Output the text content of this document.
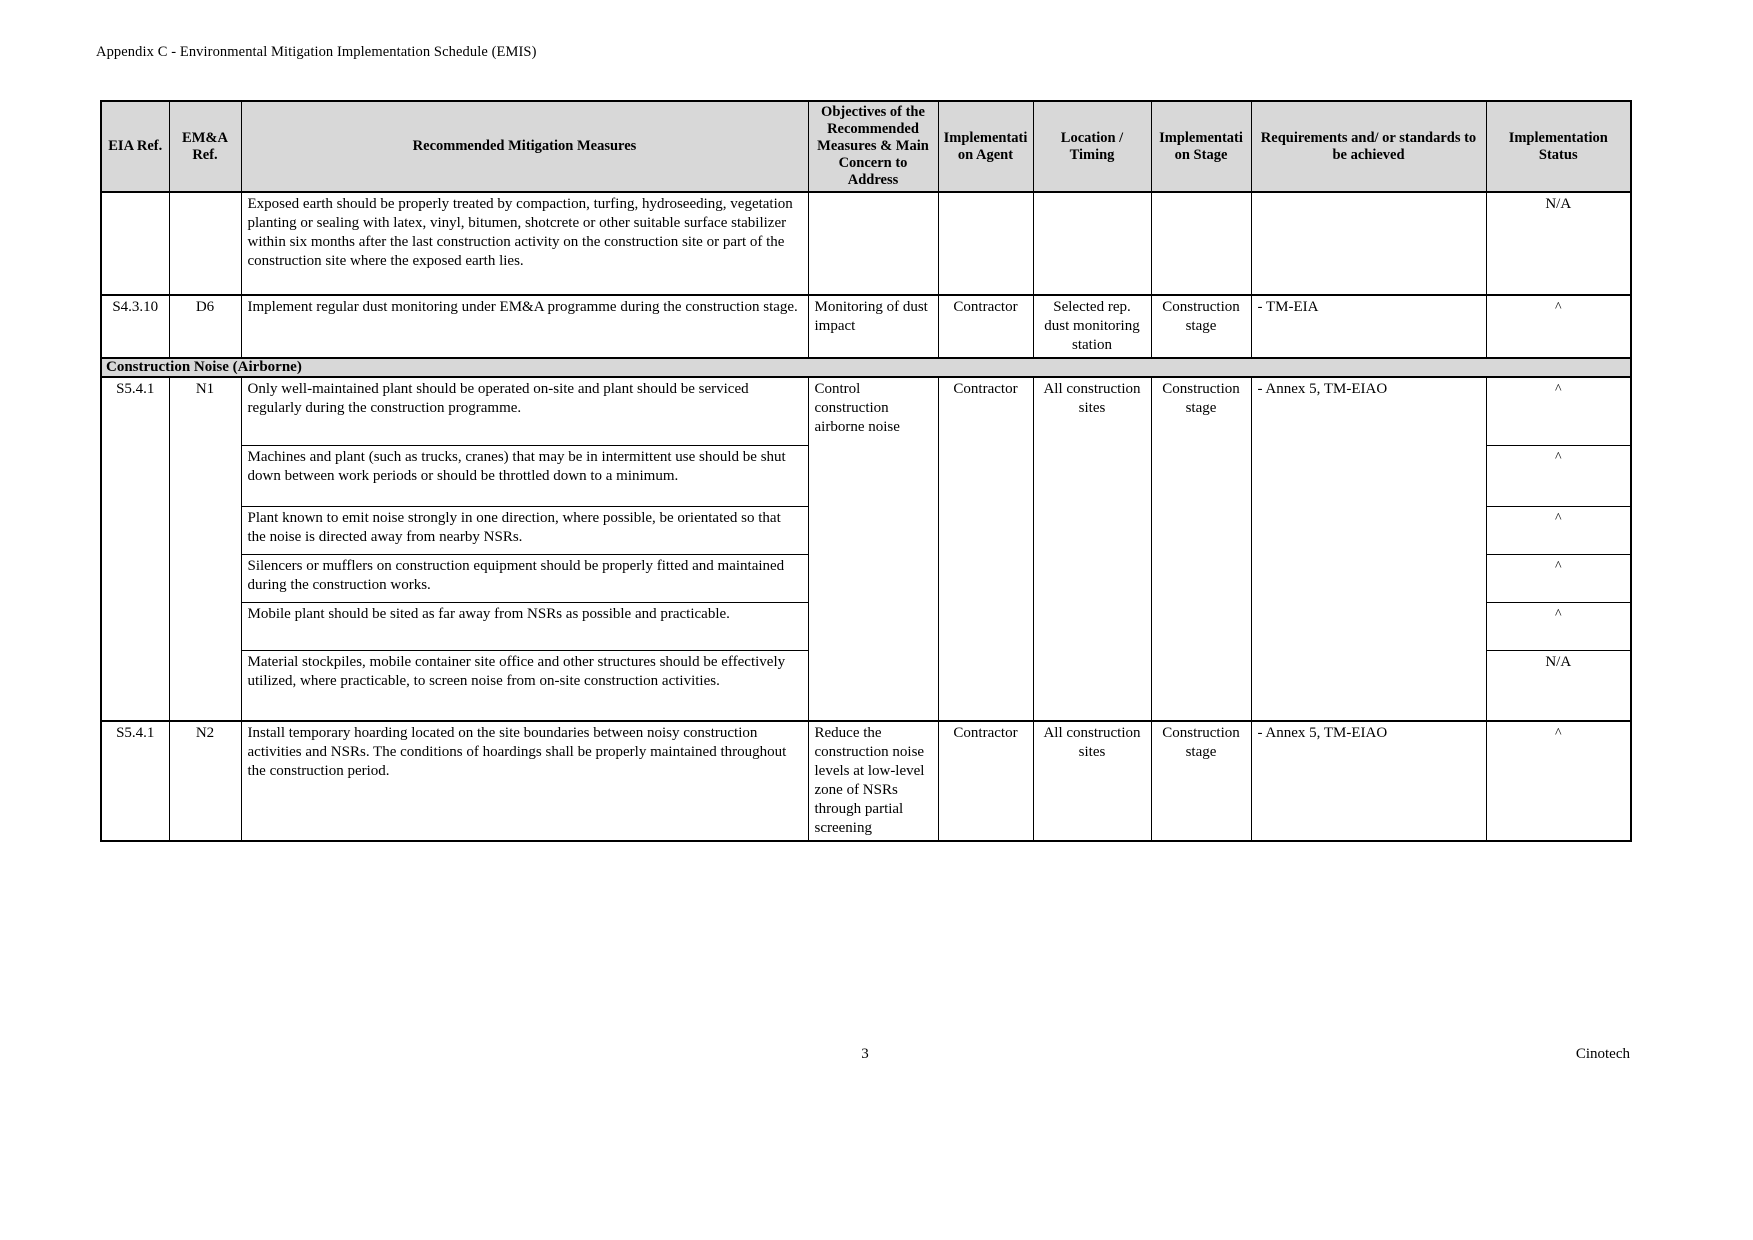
Appendix C - Environmental Mitigation Implementation Schedule (EMIS)
EIA Ref.	EM&A Ref.	Recommended Mitigation Measures	Objectives of the Recommended Measures & Main Concern to Address	Implementation Agent	Location / Timing	Implementation Stage	Requirements and/ or standards to be achieved	Implementation Status
		Exposed earth should be properly treated by compaction, turfing, hydroseeding, vegetation planting or sealing with latex, vinyl, bitumen, shotcrete or other suitable surface stabilizer within six months after the last construction activity on the construction site or part of the construction site where the exposed earth lies.						N/A
S4.3.10	D6	Implement regular dust monitoring under EM&A programme during the construction stage.	Monitoring of dust impact	Contractor	Selected rep. dust monitoring station	Construction stage	- TM-EIA	^
Construction Noise (Airborne)								
S5.4.1	N1	Only well-maintained plant should be operated on-site and plant should be serviced regularly during the construction programme.	Control construction airborne noise	Contractor	All construction sites	Construction stage	- Annex 5, TM-EIAO	^
		Machines and plant (such as trucks, cranes) that may be in intermittent use should be shut down between work periods or should be throttled down to a minimum.						^
		Plant known to emit noise strongly in one direction, where possible, be orientated so that the noise is directed away from nearby NSRs.						^
		Silencers or mufflers on construction equipment should be properly fitted and maintained during the construction works.						^
		Mobile plant should be sited as far away from NSRs as possible and practicable.						^
		Material stockpiles, mobile container site office and other structures should be effectively utilized, where practicable, to screen noise from on-site construction activities.						N/A
S5.4.1	N2	Install temporary hoarding located on the site boundaries between noisy construction activities and NSRs. The conditions of hoardings shall be properly maintained throughout the construction period.	Reduce the construction noise levels at low-level zone of NSRs through partial screening	Contractor	All construction sites	Construction stage	- Annex 5, TM-EIAO	^
3	Cinotech
